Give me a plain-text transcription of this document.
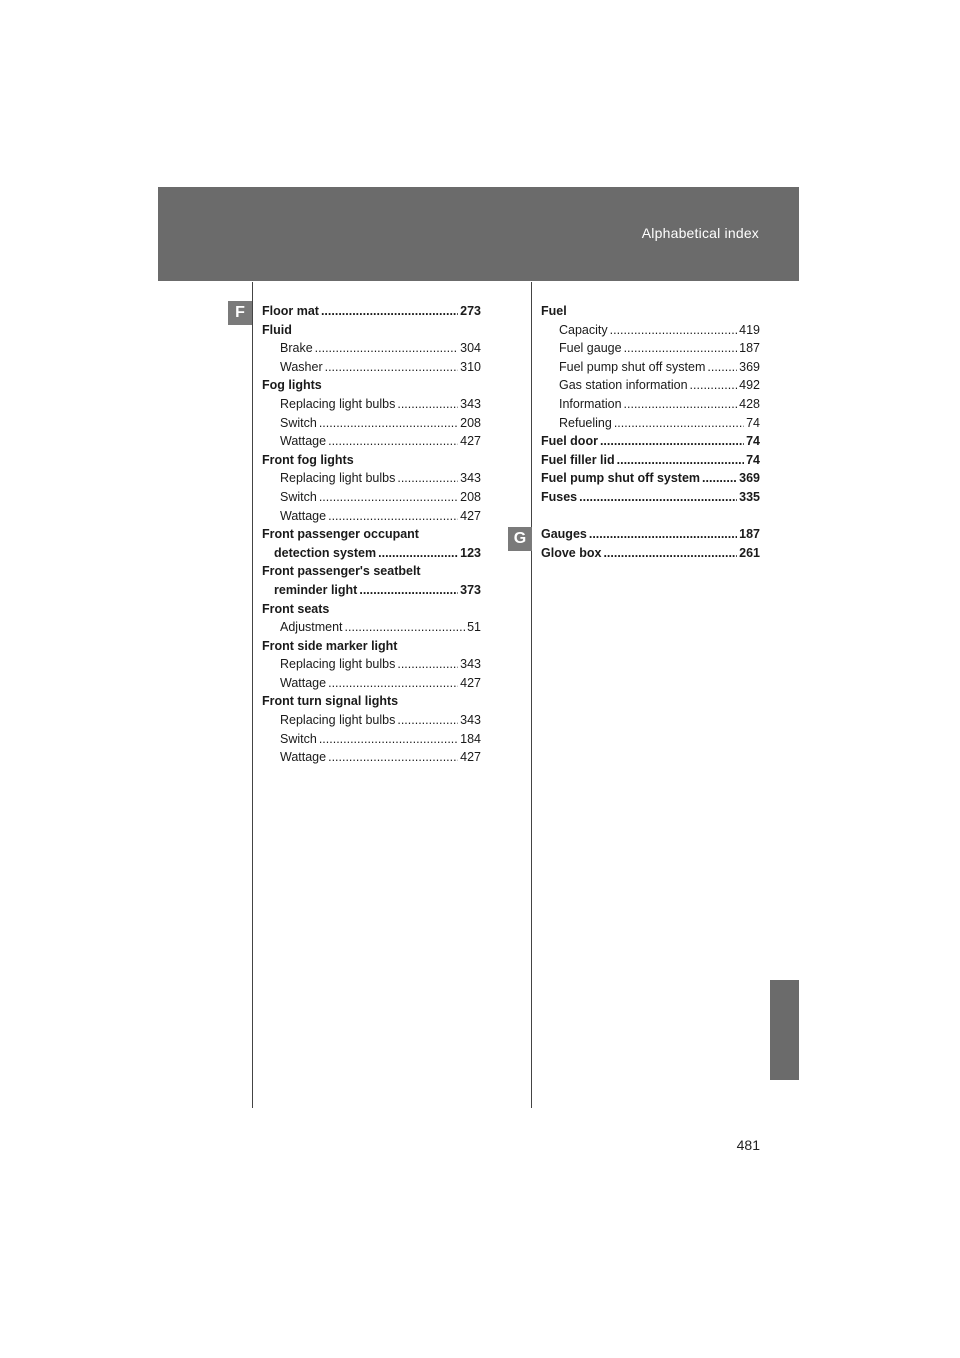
Alphabetical index
F
G
Floor mat .....	273
Fluid
Brake .....	304
Washer .....	310
Fog lights
Replacing light bulbs .....	343
Switch .....	208
Wattage .....	427
Front fog lights
Replacing light bulbs .....	343
Switch .....	208
Wattage .....	427
Front passenger occupant
detection system .....	123
Front passenger's seatbelt
reminder light .....	373
Front seats
Adjustment .....	51
Front side marker light
Replacing light bulbs .....	343
Wattage .....	427
Front turn signal lights
Replacing light bulbs .....	343
Switch .....	184
Wattage .....	427
Fuel
Capacity .....	419
Fuel gauge .....	187
Fuel pump shut off system .....	369
Gas station information .....	492
Information .....	428
Refueling .....	74
Fuel door .....	74
Fuel filler lid .....	74
Fuel pump shut off system .....	369
Fuses .....	335
Gauges .....	187
Glove box .....	261
481
